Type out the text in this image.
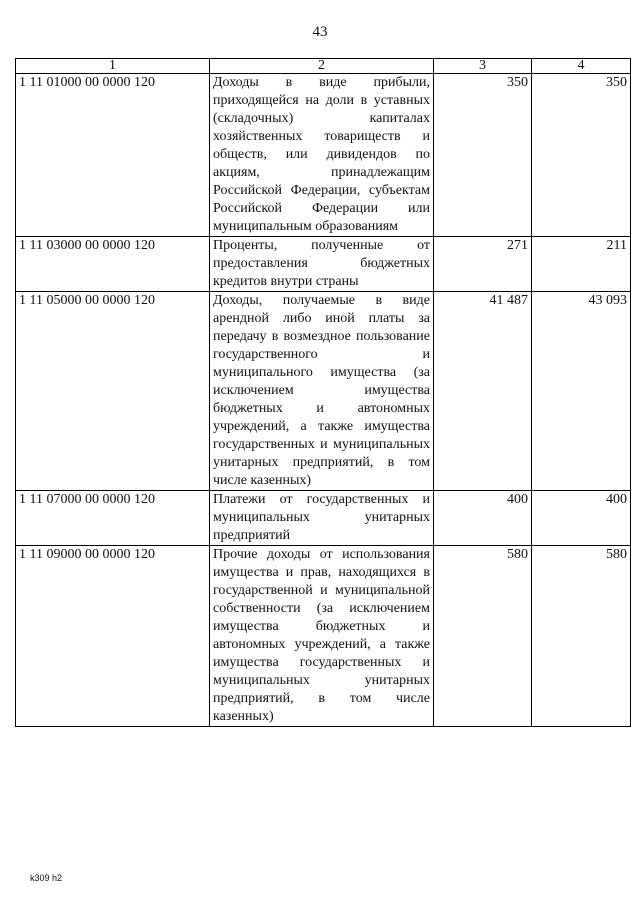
43
1	2	3	4
1 11 01000 00 0000 120	Доходы в виде прибыли, приходящейся на доли в уставных (складочных) капиталах хозяйственных товариществ и обществ, или дивидендов по акциям, принадлежащим Российской Федерации, субъектам Российской Федерации или муниципальным образованиям	350	350
1 11 03000 00 0000 120	Проценты, полученные от предоставления бюджетных кредитов внутри страны	271	211
1 11 05000 00 0000 120	Доходы, получаемые в виде арендной либо иной платы за передачу в возмездное пользование государственного и муниципального имущества (за исключением имущества бюджетных и автономных учреждений, а также имущества государственных и муниципальных унитарных предприятий, в том числе казенных)	41 487	43 093
1 11 07000 00 0000 120	Платежи от государственных и муниципальных унитарных предприятий	400	400
1 11 09000 00 0000 120	Прочие доходы от использования имущества и прав, находящихся в государственной и муниципальной собственности (за исключением имущества бюджетных и автономных учреждений, а также имущества государственных и муниципальных унитарных предприятий, в том числе казенных)	580	580
k309 h2
